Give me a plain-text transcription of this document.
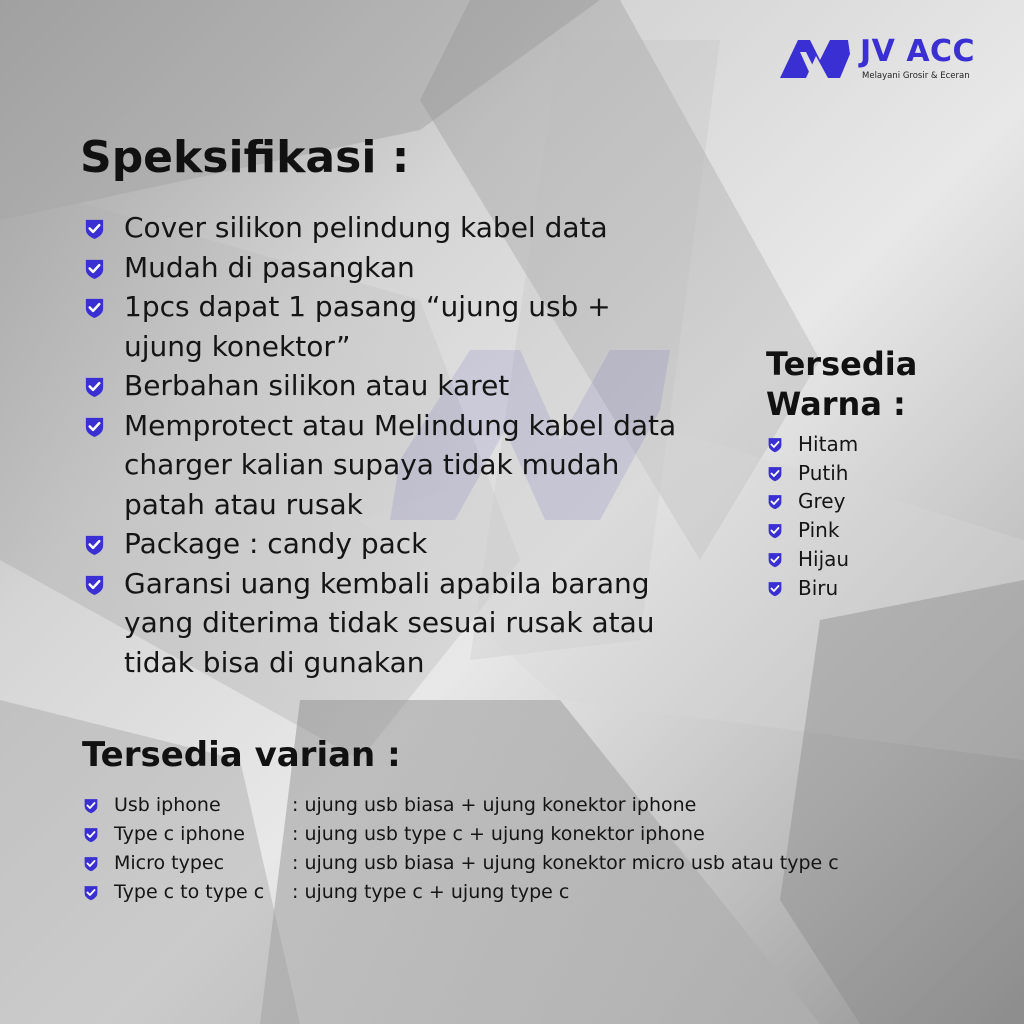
JV ACC
Melayani Grosir & Eceran
Speksifikasi :
Cover silikon pelindung kabel data
Mudah di pasangkan
1pcs dapat 1 pasang “ujung usb + ujung konektor”
Berbahan silikon atau karet
Memprotect atau Melindung kabel data charger kalian supaya tidak mudah patah atau rusak
Package : candy pack
Garansi uang kembali apabila barang yang diterima tidak sesuai rusak atau tidak bisa di gunakan
Tersedia Warna :
Hitam
Putih
Grey
Pink
Hijau
Biru
Tersedia varian :
Usb iphone	: ujung usb biasa + ujung konektor iphone
Type c iphone : ujung usb type c + ujung konektor iphone
Micro typec	: ujung usb biasa + ujung konektor micro usb atau type c
Type c to type c : ujung type c + ujung type c
